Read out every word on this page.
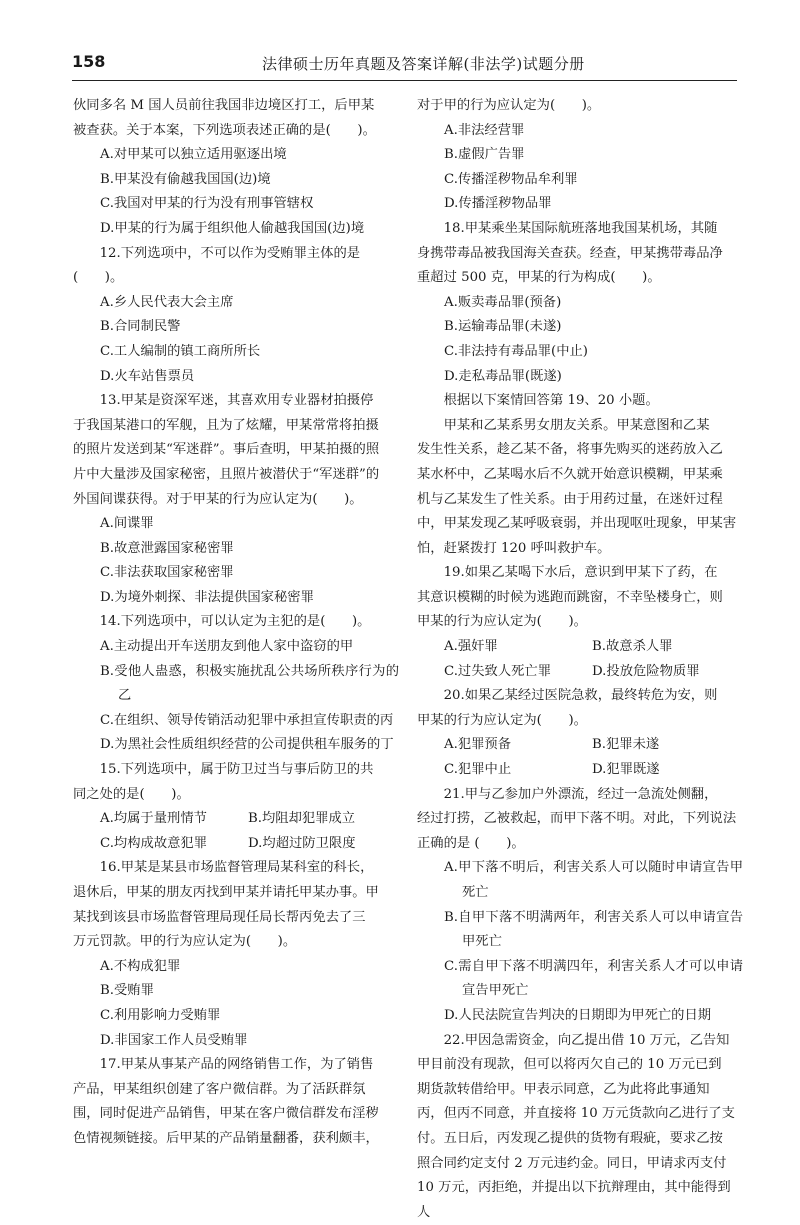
158	法律硕士历年真题及答案详解(非法学)试题分册

伙同多名 M 国人员前往我国非边境区打工，后甲某

被查获。关于本案，下列选项表述正确的是(　　)。

A.对甲某可以独立适用驱逐出境

B.甲某没有偷越我国国(边)境

C.我国对甲某的行为没有刑事管辖权

D.甲某的行为属于组织他人偷越我国国(边)境

12.下列选项中，不可以作为受贿罪主体的是

(　　)。

A.乡人民代表大会主席

B.合同制民警

C.工人编制的镇工商所所长

D.火车站售票员

13.甲某是资深军迷，其喜欢用专业器材拍摄停

于我国某港口的军舰，且为了炫耀，甲某常常将拍摄

的照片发送到某“军迷群”。事后查明，甲某拍摄的照

片中大量涉及国家秘密，且照片被潜伏于“军迷群”的

外国间谍获得。对于甲某的行为应认定为(　　)。

A.间谍罪

B.故意泄露国家秘密罪

C.非法获取国家秘密罪

D.为境外刺探、非法提供国家秘密罪

14.下列选项中，可以认定为主犯的是(　　)。

A.主动提出开车送朋友到他人家中盗窃的甲

B.受他人蛊惑，积极实施扰乱公共场所秩序行为的乙

C.在组织、领导传销活动犯罪中承担宣传职责的丙

D.为黑社会性质组织经营的公司提供租车服务的丁

15.下列选项中，属于防卫过当与事后防卫的共

同之处的是(　　)。

A.均属于量刑情节	B.均阻却犯罪成立
C.均构成故意犯罪	D.均超过防卫限度

16.甲某是某县市场监督管理局某科室的科长，

退休后，甲某的朋友丙找到甲某并请托甲某办事。甲

某找到该县市场监督管理局现任局长帮丙免去了三

万元罚款。甲的行为应认定为(　　)。

A.不构成犯罪

B.受贿罪

C.利用影响力受贿罪

D.非国家工作人员受贿罪

17.甲某从事某产品的网络销售工作，为了销售

产品，甲某组织创建了客户微信群。为了活跃群氛

围，同时促进产品销售，甲某在客户微信群发布淫秽

色情视频链接。后甲某的产品销量翻番，获利颇丰，

对于甲的行为应认定为(　　)。

A.非法经营罪

B.虚假广告罪

C.传播淫秽物品牟利罪

D.传播淫秽物品罪

18.甲某乘坐某国际航班落地我国某机场，其随

身携带毒品被我国海关查获。经查，甲某携带毒品净

重超过 500 克，甲某的行为构成(　　)。

A.贩卖毒品罪(预备)

B.运输毒品罪(未遂)

C.非法持有毒品罪(中止)

D.走私毒品罪(既遂)

根据以下案情回答第 19、20 小题。

甲某和乙某系男女朋友关系。甲某意图和乙某

发生性关系，趁乙某不备，将事先购买的迷药放入乙

某水杯中，乙某喝水后不久就开始意识模糊，甲某乘

机与乙某发生了性关系。由于用药过量，在迷奸过程

中，甲某发现乙某呼吸衰弱，并出现呕吐现象，甲某害

怕，赶紧拨打 120 呼叫救护车。

19.如果乙某喝下水后，意识到甲某下了药，在

其意识模糊的时候为逃跑而跳窗，不幸坠楼身亡，则

甲某的行为应认定为(　　)。

A.强奸罪	B.故意杀人罪
C.过失致人死亡罪	D.投放危险物质罪

20.如果乙某经过医院急救，最终转危为安，则

甲某的行为应认定为(　　)。

A.犯罪预备	B.犯罪未遂
C.犯罪中止	D.犯罪既遂

21.甲与乙参加户外漂流，经过一急流处侧翻，

经过打捞，乙被救起，而甲下落不明。对此，下列说法

正确的是 (　　)。

A.甲下落不明后，利害关系人可以随时申请宣告甲死亡

B.自甲下落不明满两年，利害关系人可以申请宣告甲死亡

C.需自甲下落不明满四年，利害关系人才可以申请宣告甲死亡

D.人民法院宣告判决的日期即为甲死亡的日期

22.甲因急需资金，向乙提出借 10 万元，乙告知

甲目前没有现款，但可以将丙欠自己的 10 万元已到

期货款转借给甲。甲表示同意，乙为此将此事通知

丙，但丙不同意，并直接将 10 万元货款向乙进行了支

付。五日后，丙发现乙提供的货物有瑕疵，要求乙按

照合同约定支付 2 万元违约金。同日，甲请求丙支付

10 万元，丙拒绝，并提出以下抗辩理由，其中能得到人
